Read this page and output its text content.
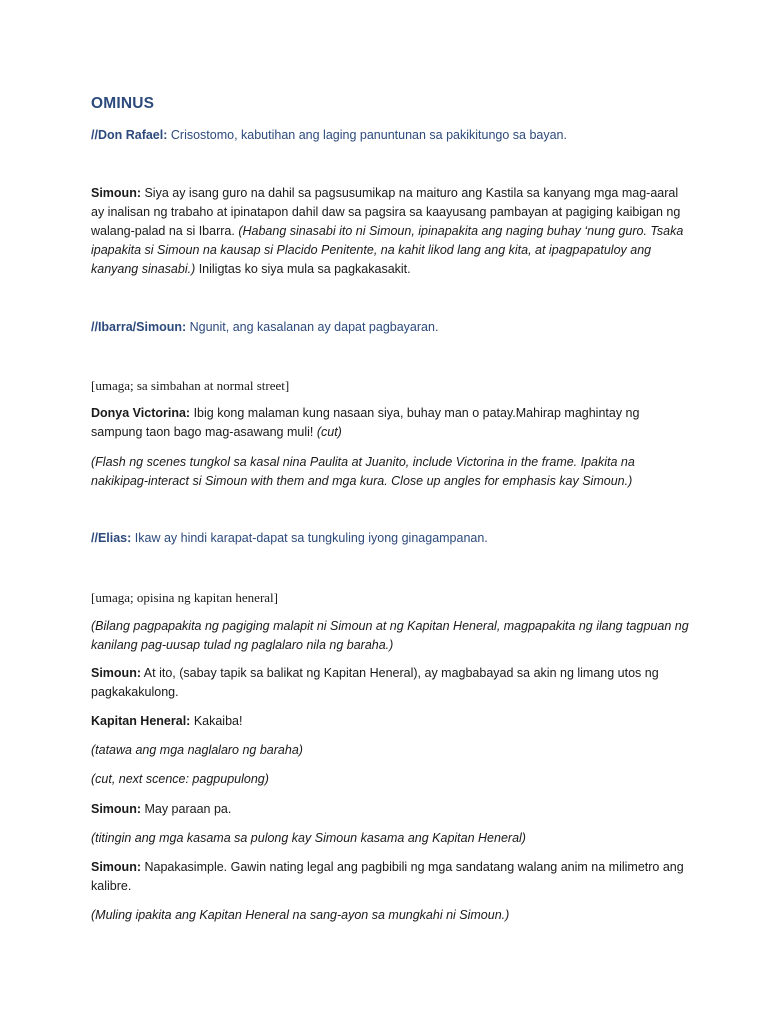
OMINUS

//Don Rafael: Crisostomo, kabutihan ang laging panuntunan sa pakikitungo sa bayan.

Simoun: Siya ay isang guro na dahil sa pagsusumikap na maituro ang Kastila sa kanyang mga mag-aaral ay inalisan ng trabaho at ipinatapon dahil daw sa pagsira sa kaayusang pambayan at pagiging kaibigan ng walang-palad na si Ibarra. (Habang sinasabi ito ni Simoun, ipinapakita ang naging buhay ‘nung guro. Tsaka ipapakita si Simoun na kausap si Placido Penitente, na kahit likod lang ang kita, at ipagpapatuloy ang kanyang sinasabi.) Iniligtas ko siya mula sa pagkakasakit.

//Ibarra/Simoun: Ngunit, ang kasalanan ay dapat pagbayaran.

[umaga; sa simbahan at normal street]

Donya Victorina: Ibig kong malaman kung nasaan siya, buhay man o patay.Mahirap maghintay ng sampung taon bago mag-asawang muli! (cut)

(Flash ng scenes tungkol sa kasal nina Paulita at Juanito, include Victorina in the frame. Ipakita na nakikipag-interact si Simoun with them and mga kura. Close up angles for emphasis kay Simoun.)

//Elias: Ikaw ay hindi karapat-dapat sa tungkuling iyong ginagampanan.

[umaga; opisina ng kapitan heneral]

(Bilang pagpapakita ng pagiging malapit ni Simoun at ng Kapitan Heneral, magpapakita ng ilang tagpuan ng kanilang pag-uusap tulad ng paglalaro nila ng baraha.)

Simoun: At ito, (sabay tapik sa balikat ng Kapitan Heneral), ay magbabayad sa akin ng limang utos ng pagkakakulong.

Kapitan Heneral: Kakaiba!

(tatawa ang mga naglalaro ng baraha)

(cut, next scence: pagpupulong)

Simoun: May paraan pa.

(titingin ang mga kasama sa pulong kay Simoun kasama ang Kapitan Heneral)

Simoun: Napakasimple. Gawin nating legal ang pagbibili ng mga sandatang walang anim na milimetro ang kalibre.

(Muling ipakita ang Kapitan Heneral na sang-ayon sa mungkahi ni Simoun.)
